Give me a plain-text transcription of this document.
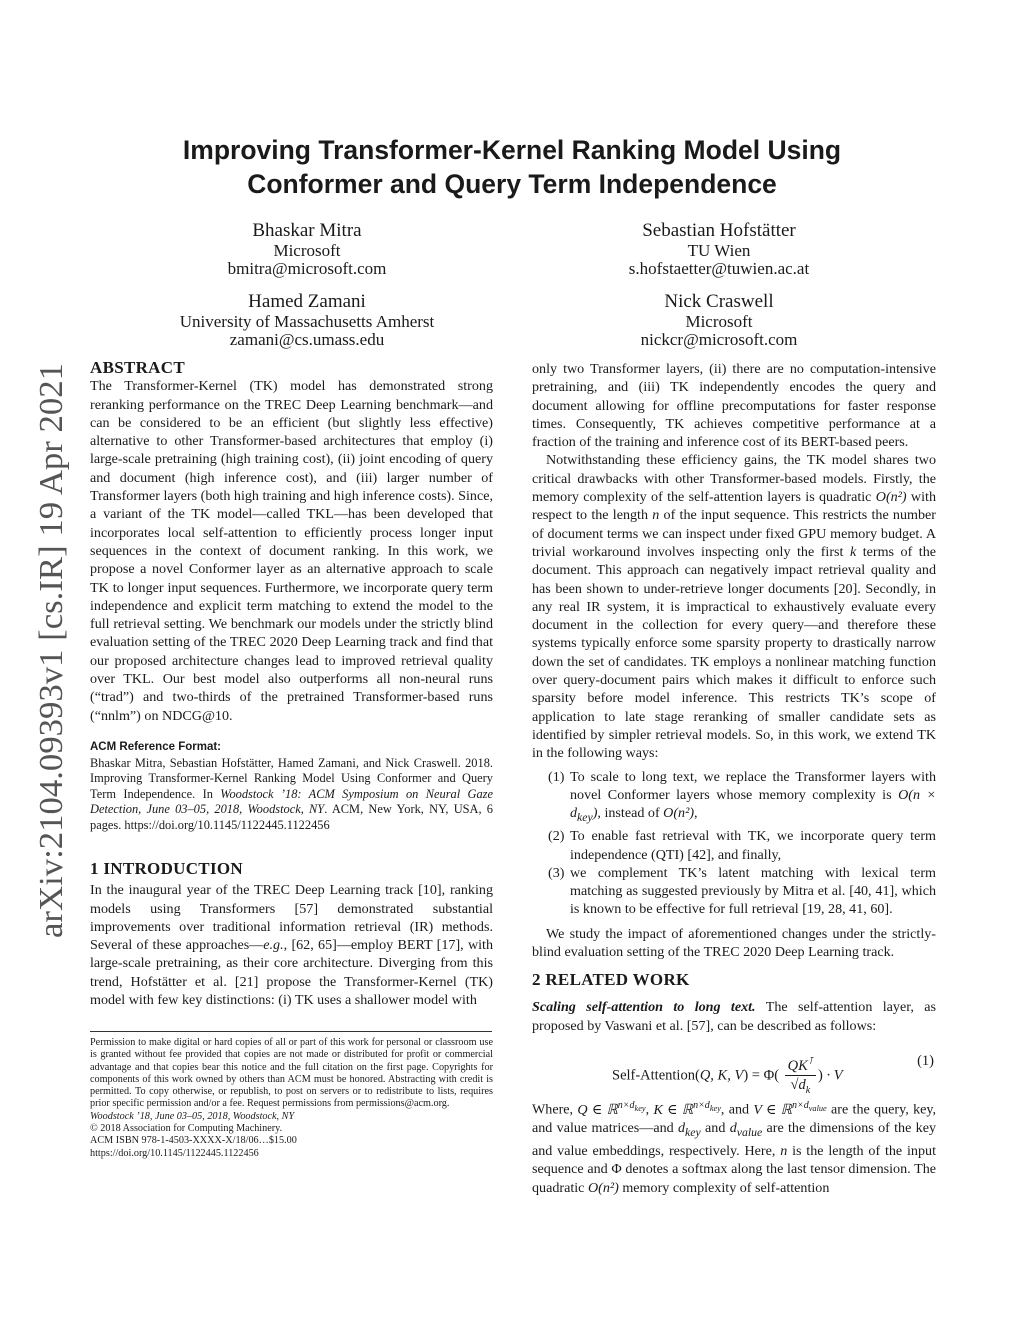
arXiv:2104.09393v1 [cs.IR] 19 Apr 2021
Improving Transformer-Kernel Ranking Model Using
Conformer and Query Term Independence
Bhaskar Mitra
Microsoft
bmitra@microsoft.com
Sebastian Hofstätter
TU Wien
s.hofstaetter@tuwien.ac.at
Hamed Zamani
University of Massachusetts Amherst
zamani@cs.umass.edu
Nick Craswell
Microsoft
nickcr@microsoft.com
ABSTRACT

The Transformer-Kernel (TK) model has demonstrated strong reranking performance on the TREC Deep Learning benchmark—and can be considered to be an efficient (but slightly less effective) alternative to other Transformer-based architectures that employ (i) large-scale pretraining (high training cost), (ii) joint encoding of query and document (high inference cost), and (iii) larger number of Transformer layers (both high training and high inference costs). Since, a variant of the TK model—called TKL—has been developed that incorporates local self-attention to efficiently process longer input sequences in the context of document ranking. In this work, we propose a novel Conformer layer as an alternative approach to scale TK to longer input sequences. Furthermore, we incorporate query term independence and explicit term matching to extend the model to the full retrieval setting. We benchmark our models under the strictly blind evaluation setting of the TREC 2020 Deep Learning track and find that our proposed architecture changes lead to improved retrieval quality over TKL. Our best model also outperforms all non-neural runs (“trad”) and two-thirds of the pretrained Transformer-based runs (“nnlm”) on NDCG@10.

ACM Reference Format:

Bhaskar Mitra, Sebastian Hofstätter, Hamed Zamani, and Nick Craswell. 2018. Improving Transformer-Kernel Ranking Model Using Conformer and Query Term Independence. In Woodstock ’18: ACM Symposium on Neural Gaze Detection, June 03–05, 2018, Woodstock, NY. ACM, New York, NY, USA, 6 pages. https://doi.org/10.1145/1122445.1122456

1 INTRODUCTION

In the inaugural year of the TREC Deep Learning track [10], ranking models using Transformers [57] demonstrated substantial improvements over traditional information retrieval (IR) methods. Several of these approaches—e.g., [62, 65]—employ BERT [17], with large-scale pretraining, as their core architecture. Diverging from this trend, Hofstätter et al. [21] propose the Transformer-Kernel (TK) model with few key distinctions: (i) TK uses a shallower model with

Permission to make digital or hard copies of all or part of this work for personal or classroom use is granted without fee provided that copies are not made or distributed for profit or commercial advantage and that copies bear this notice and the full citation on the first page. Copyrights for components of this work owned by others than ACM must be honored. Abstracting with credit is permitted. To copy otherwise, or republish, to post on servers or to redistribute to lists, requires prior specific permission and/or a fee. Request permissions from permissions@acm.org.

Woodstock ’18, June 03–05, 2018, Woodstock, NY

© 2018 Association for Computing Machinery.

ACM ISBN 978-1-4503-XXXX-X/18/06…$15.00

https://doi.org/10.1145/1122445.1122456

only two Transformer layers, (ii) there are no computation-intensive pretraining, and (iii) TK independently encodes the query and document allowing for offline precomputations for faster response times. Consequently, TK achieves competitive performance at a fraction of the training and inference cost of its BERT-based peers.

Notwithstanding these efficiency gains, the TK model shares two critical drawbacks with other Transformer-based models. Firstly, the memory complexity of the self-attention layers is quadratic O(n²) with respect to the length n of the input sequence. This restricts the number of document terms we can inspect under fixed GPU memory budget. A trivial workaround involves inspecting only the first k terms of the document. This approach can negatively impact retrieval quality and has been shown to under-retrieve longer documents [20]. Secondly, in any real IR system, it is impractical to exhaustively evaluate every document in the collection for every query—and therefore these systems typically enforce some sparsity property to drastically narrow down the set of candidates. TK employs a nonlinear matching function over query-document pairs which makes it difficult to enforce such sparsity before model inference. This restricts TK’s scope of application to late stage reranking of smaller candidate sets as identified by simpler retrieval models. So, in this work, we extend TK in the following ways:

(1) To scale to long text, we replace the Transformer layers with novel Conformer layers whose memory complexity is $O(n \times d_{key})$, instead of O(n²),
(2) To enable fast retrieval with TK, we incorporate query term independence (QTI) [42], and finally,
(3) we complement TK’s latent matching with lexical term matching as suggested previously by Mitra et al. [40, 41], which is known to be effective for full retrieval [19, 28, 41, 60].

We study the impact of aforementioned changes under the strictly-blind evaluation setting of the TREC 2020 Deep Learning track.

2 RELATED WORK

Scaling self-attention to long text. The self-attention layer, as proposed by Vaswani et al. [57], can be described as follows:

Self-Attention(Q, K, $V) = \Phi( \frac{QK^⊺}{√d_k}$ ) · V
(1)

Where, Q ∈ ℝ$^{n\times d_{key}}$, K ∈ ℝ$^{n\times d_{key}}$, and V ∈ ℝ$^{n\times d_{value}}$ are the query, key, and value matrices—and $d_{key}$ and $d_{value}$ are the dimensions of the key and value embeddings, respectively. Here, n is the length of the input sequence and Φ denotes a softmax along the last tensor dimension. The quadratic O(n²) memory complexity of self-attention
